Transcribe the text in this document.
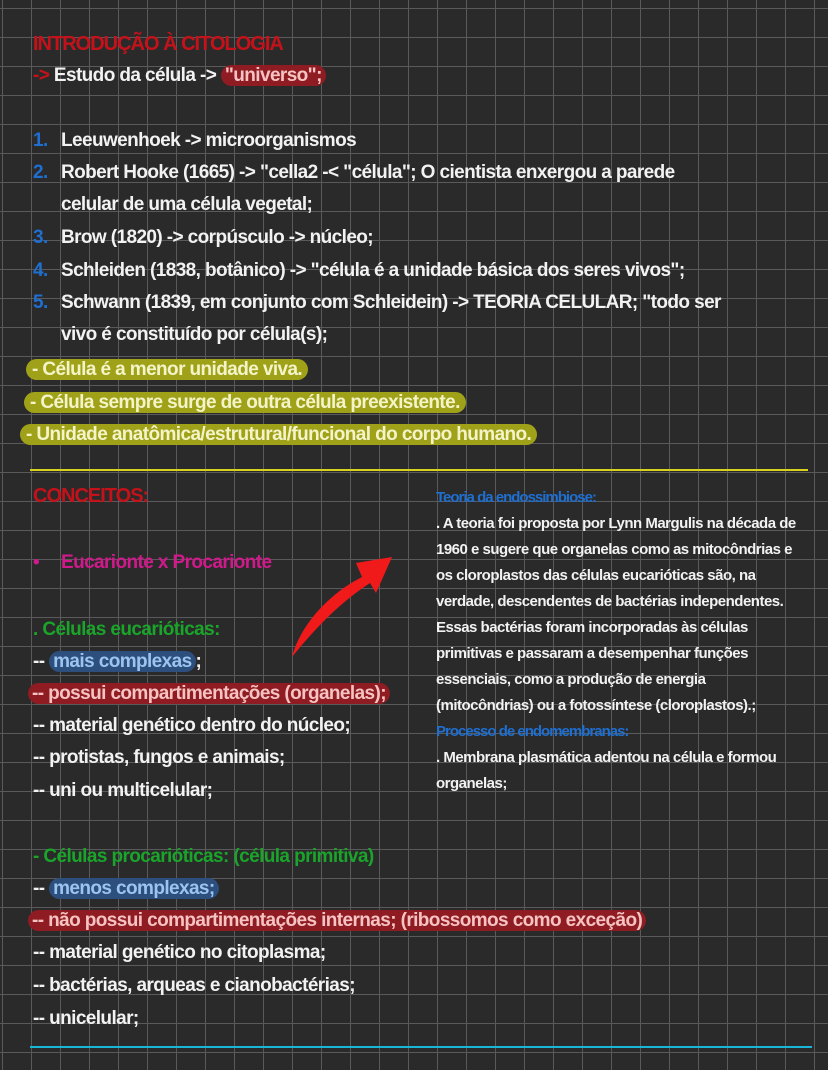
INTRODUÇÃO À CITOLOGIA
-> Estudo da célula -> "universo";
1. Leeuwenhoek -> microorganismos
2. Robert Hooke (1665) -> "cella2 -< "célula"; O cientista enxergou a parede
celular de uma célula vegetal;
3. Brow (1820) -> corpúsculo -> núcleo;
4. Schleiden (1838, botânico) -> "célula é a unidade básica dos seres vivos";
5. Schwann (1839, em conjunto com Schleidein) -> TEORIA CELULAR; "todo ser
vivo é constituído por célula(s);
- Célula é a menor unidade viva.
- Célula sempre surge de outra célula preexistente.
- Unidade anatômica/estrutural/funcional do corpo humano.
CONCEITOS:
• Eucarionte x Procarionte
. Células eucarióticas:
-- mais complexas ;
-- possui compartimentações (organelas);
-- material genético dentro do núcleo;
-- protistas, fungos e animais;
-- uni ou multicelular;
- Células procarióticas: (célula primitiva)
-- menos complexas;
-- não possui compartimentações internas; (ribossomos como exceção)
-- material genético no citoplasma;
-- bactérias, arqueas e cianobactérias;
-- unicelular;
Teoria da endossimbiose:
. A teoria foi proposta por Lynn Margulis na década de
1960 e sugere que organelas como as mitocôndrias e
os cloroplastos das células eucarióticas são, na
verdade, descendentes de bactérias independentes.
Essas bactérias foram incorporadas às células
primitivas e passaram a desempenhar funções
essenciais, como a produção de energia
(mitocôndrias) ou a fotossíntese (cloroplastos).;
Processo de endomembranas:
. Membrana plasmática adentou na célula e formou
organelas;
